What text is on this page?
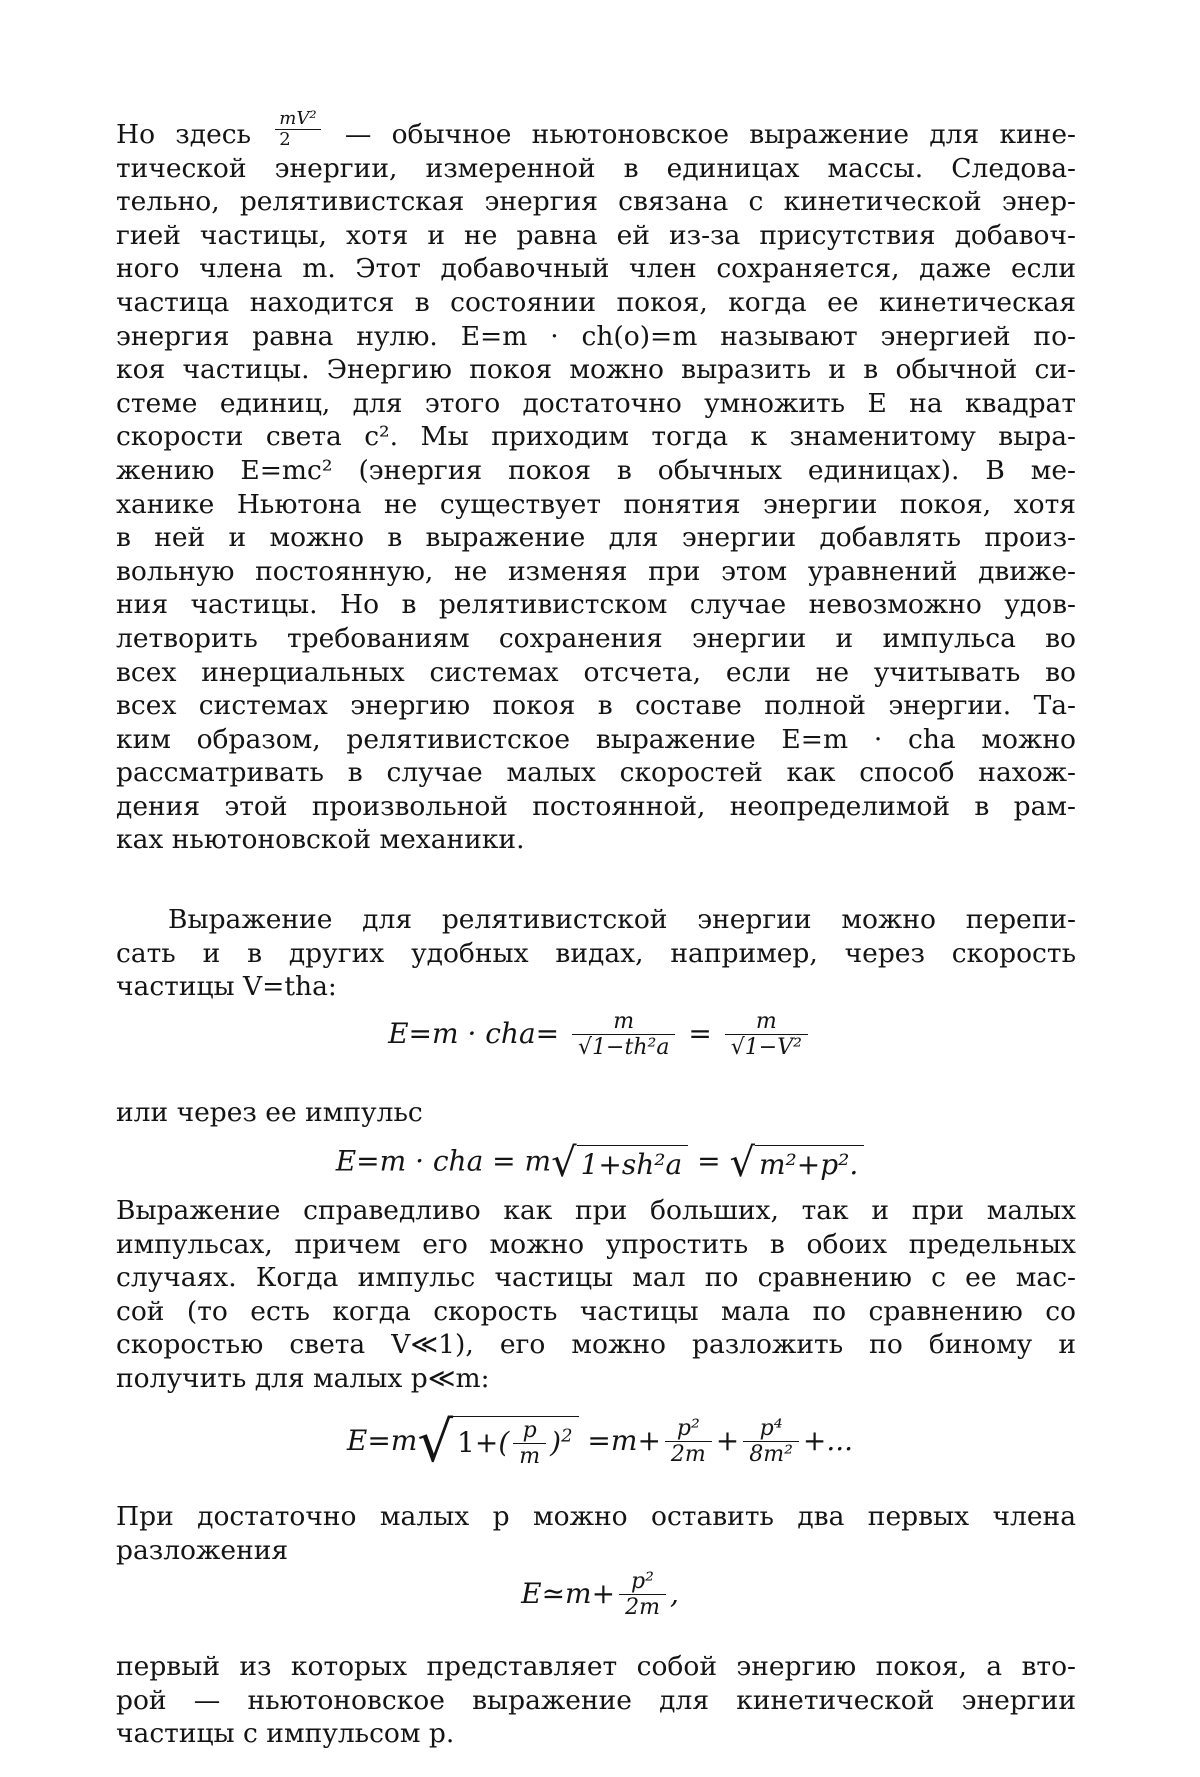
Но здесь $\frac{\text{mV²}}{2}$ — обычное ньютоновское выражение для кине-
тической энергии, измеренной в единицах массы. Следова-
тельно, релятивистская энергия связана с кинетической энер-
гией частицы, хотя и не равна ей из-за присутствия добавоч-
ного члена m. Этот добавочный член сохраняется, даже если
частица находится в состоянии покоя, когда ее кинетическая
энергия равна нулю. E=m · ch(o)=m называют энергией по-
коя частицы. Энергию покоя можно выразить и в обычной си-
стеме единиц, для этого достаточно умножить E на квадрат
скорости света c². Мы приходим тогда к знаменитому выра-
жению E=mc² (энергия покоя в обычных единицах). В ме-
ханике Ньютона не существует понятия энергии покоя, хотя
в ней и можно в выражение для энергии добавлять произ-
вольную постоянную, не изменяя при этом уравнений движе-
ния частицы. Но в релятивистском случае невозможно удов-
летворить требованиям сохранения энергии и импульса во
всех инерциальных системах отсчета, если не учитывать во
всех системах энергию покоя в составе полной энергии. Та-
ким образом, релятивистское выражение E=m · cha можно
рассматривать в случае малых скоростей как способ нахож-
дения этой произвольной постоянной, неопределимой в рам-
ках ньютоновской механики.
Выражение для релятивистской энергии можно перепи-
сать и в других удобных видах, например, через скорость
частицы V=tha:
$E=m \cdot cha= \frac{m}{\text{√1−th²a}} = \frac{m}{\text{√1−V²}}$
или через ее импульс
E=m · cha = m√ 1+sh²a = √ m²+p².
Выражение справедливо как при больших, так и при малых
импульсах, причем его можно упростить в обоих предельных
случаях. Когда импульс частицы мал по сравнению с ее мас-
сой (то есть когда скорость частицы мала по сравнению со
скоростью света V≪1), его можно разложить по биному и
получить для малых p≪m:
E=m√ $1+( \frac{p}{m} )^2 =m+ \frac{\text{p²}}{2m} + \frac{\text{p⁴}}{\text{8m²}}$ +...
При достаточно малых p можно оставить два первых члена
разложения
E≃m+ $\frac{\text{p²}}{2m}$ ,
первый из которых представляет собой энергию покоя, а вто-
рой — ньютоновское выражение для кинетической энергии
частицы с импульсом p.
